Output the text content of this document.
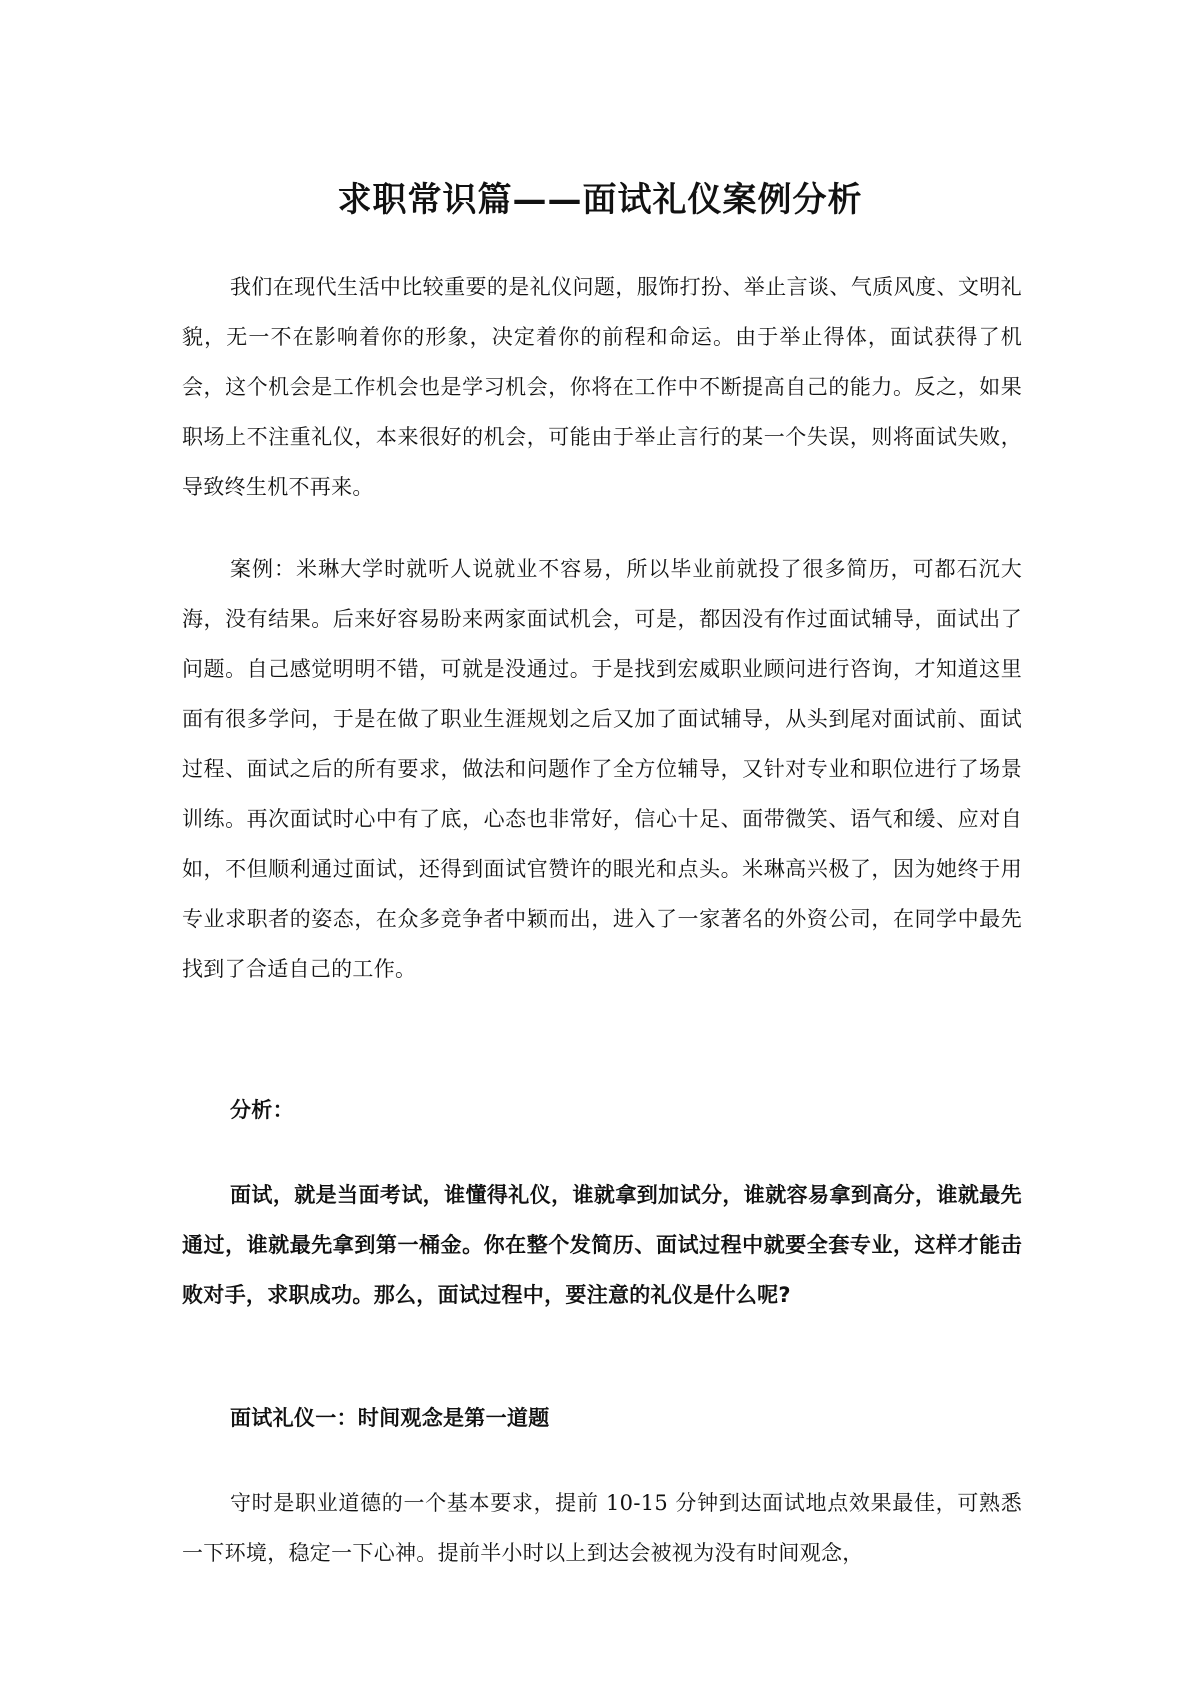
求职常识篇——面试礼仪案例分析

我们在现代生活中比较重要的是礼仪问题，服饰打扮、举止言谈、气质风度、文明礼貌，无一不在影响着你的形象，决定着你的前程和命运。由于举止得体，面试获得了机会，这个机会是工作机会也是学习机会，你将在工作中不断提高自己的能力。反之，如果职场上不注重礼仪，本来很好的机会，可能由于举止言行的某一个失误，则将面试失败，导致终生机不再来。

案例：米琳大学时就听人说就业不容易，所以毕业前就投了很多简历，可都石沉大海，没有结果。后来好容易盼来两家面试机会，可是，都因没有作过面试辅导，面试出了问题。自己感觉明明不错，可就是没通过。于是找到宏威职业顾问进行咨询，才知道这里面有很多学问，于是在做了职业生涯规划之后又加了面试辅导，从头到尾对面试前、面试过程、面试之后的所有要求，做法和问题作了全方位辅导，又针对专业和职位进行了场景训练。再次面试时心中有了底，心态也非常好，信心十足、面带微笑、语气和缓、应对自如，不但顺利通过面试，还得到面试官赞许的眼光和点头。米琳高兴极了，因为她终于用专业求职者的姿态，在众多竞争者中颖而出，进入了一家著名的外资公司，在同学中最先找到了合适自己的工作。

分析：

面试，就是当面考试，谁懂得礼仪，谁就拿到加试分，谁就容易拿到高分，谁就最先通过，谁就最先拿到第一桶金。你在整个发简历、面试过程中就要全套专业，这样才能击败对手，求职成功。那么，面试过程中，要注意的礼仪是什么呢?

面试礼仪一：时间观念是第一道题

守时是职业道德的一个基本要求，提前 10-15 分钟到达面试地点效果最佳，可熟悉一下环境，稳定一下心神。提前半小时以上到达会被视为没有时间观念，
